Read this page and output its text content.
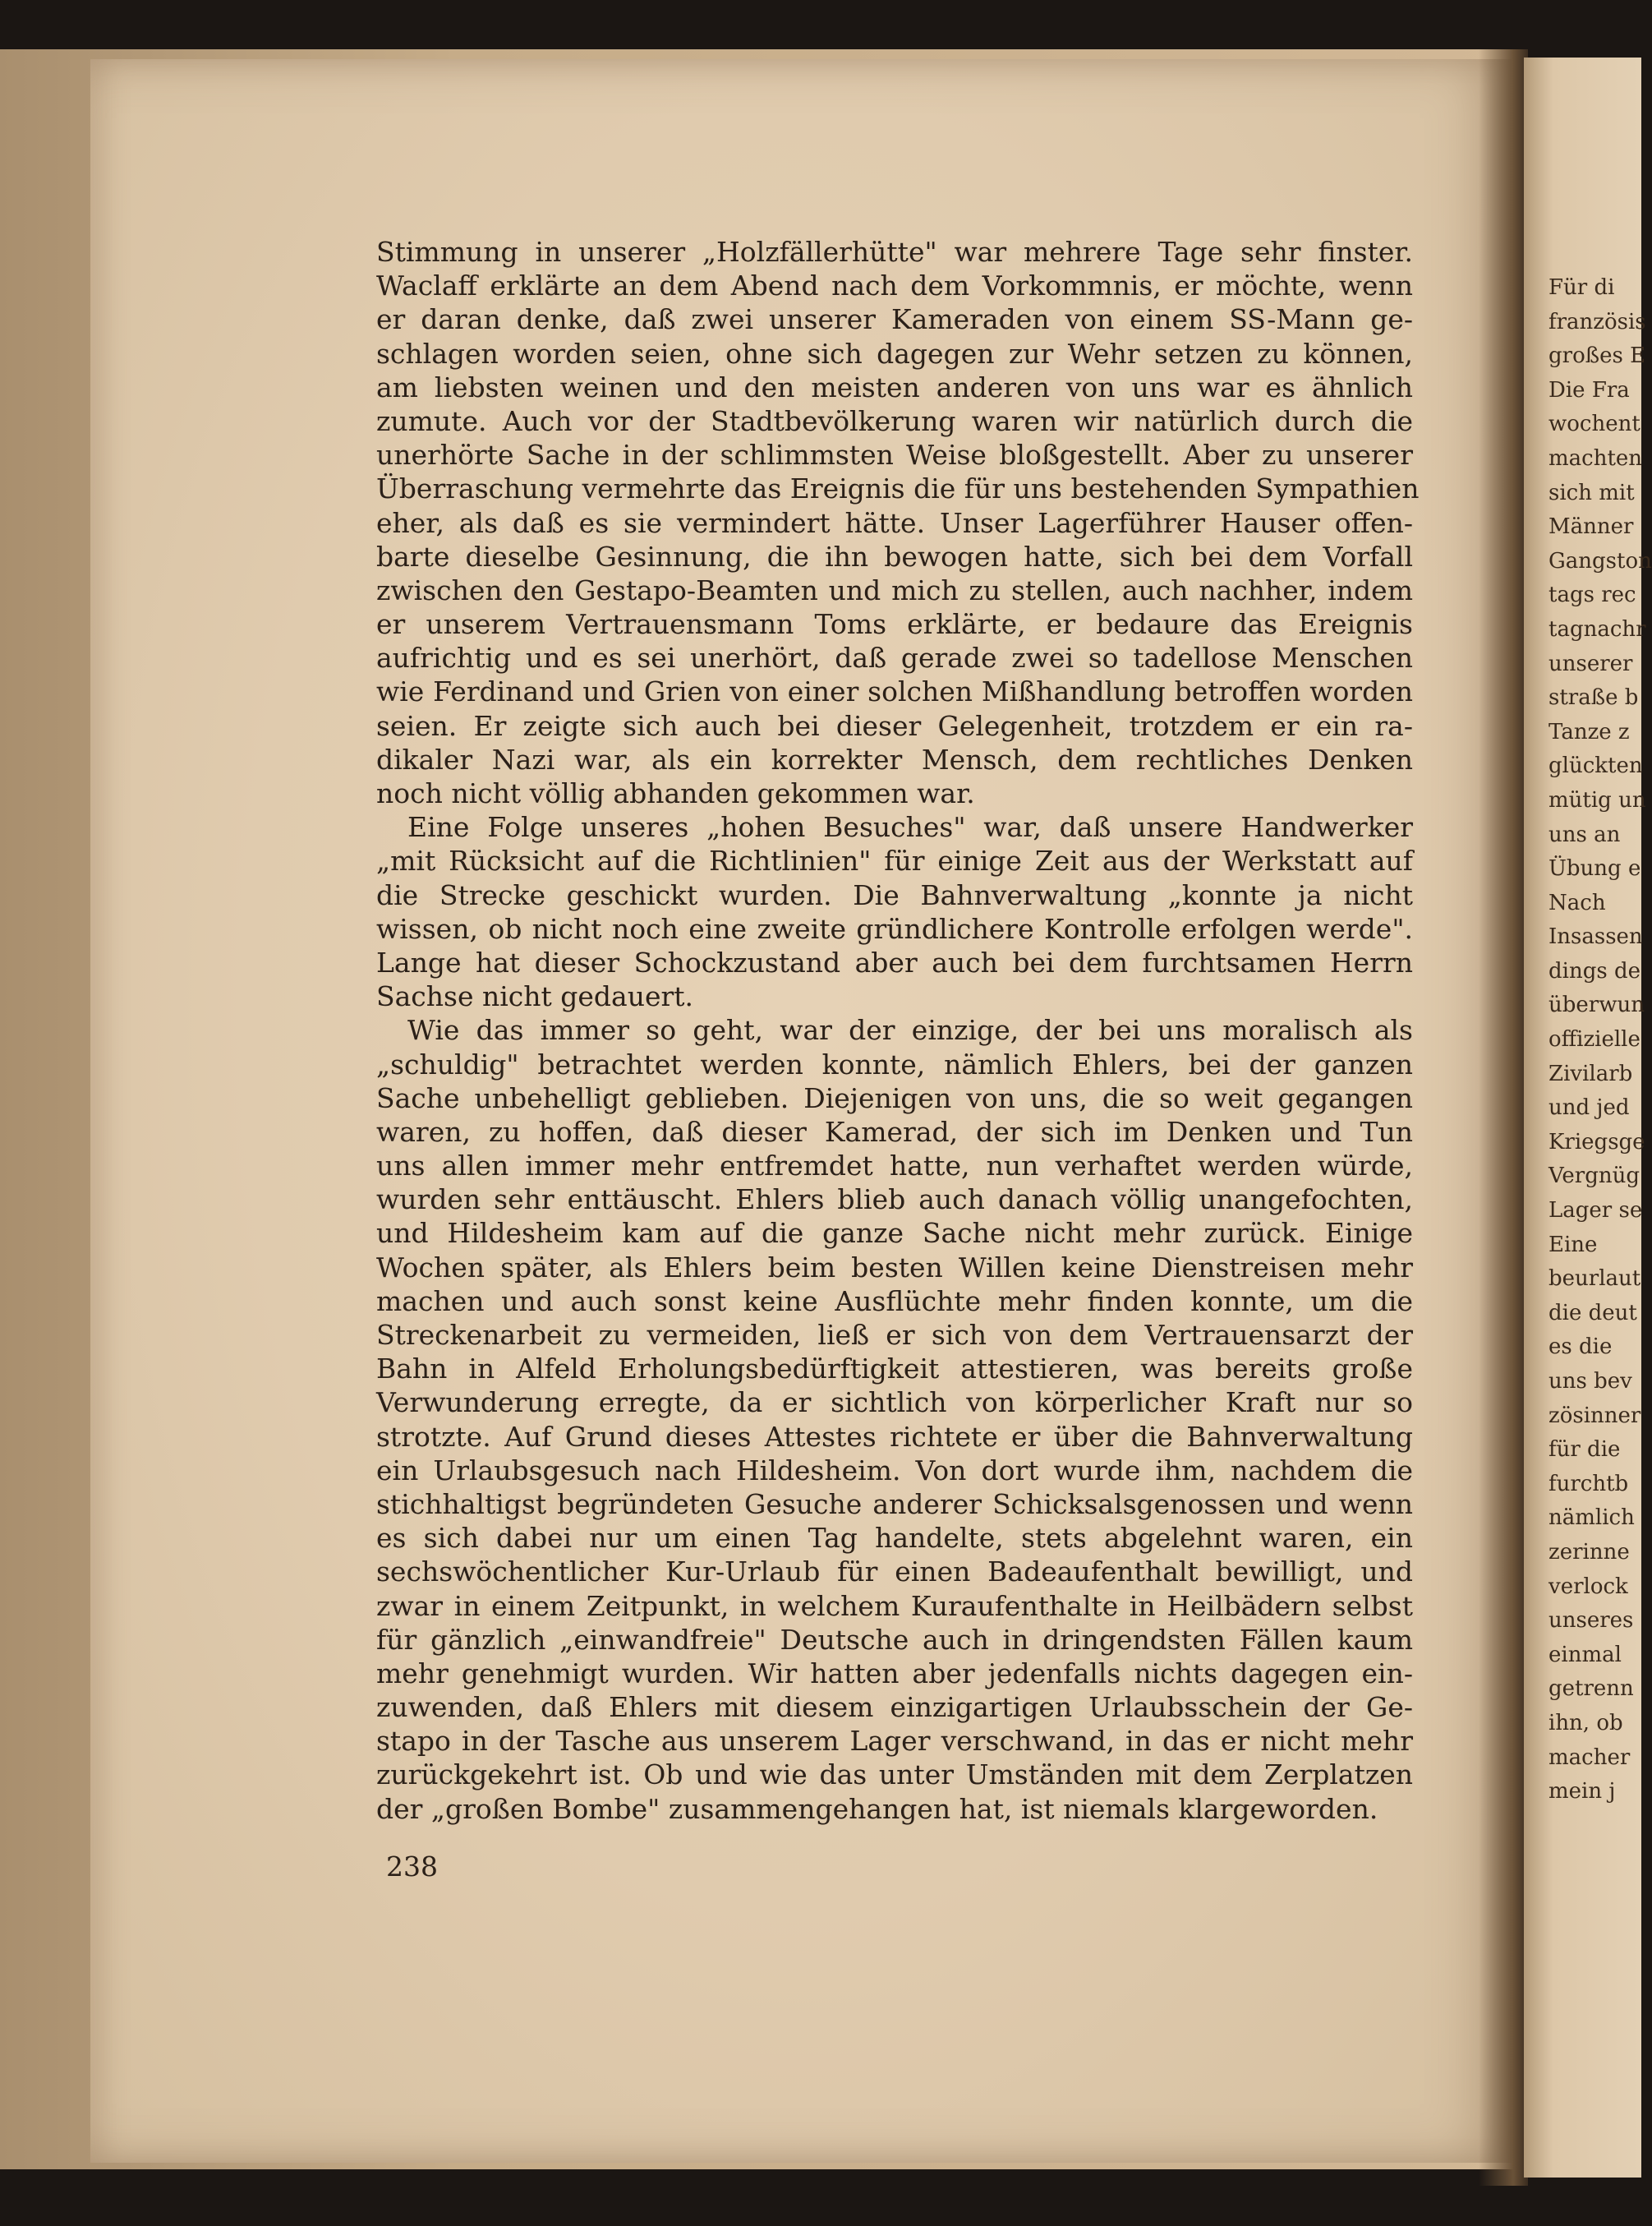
Für di
französis
großes E
Die Fra
wochent
machten
sich mit
Männer
Gangston
tags rec
tagnachr
unserer
straße b
Tanze z
glückten
mütig un
uns an
Übung e
Nach
Insassen
dings de
überwun
offizielle
Zivilarb
und jed
Kriegsge
Vergnüg
Lager se
Eine
beurlaut
die deut
es die
uns bev
zösinner
für die
furchtb
nämlich
zerinne
verlock
unseres
einmal
getrenn
ihn, ob
macher
mein j
Stimmung in unserer „Holzfällerhütte" war mehrere Tage sehr finster.
Waclaff erklärte an dem Abend nach dem Vorkommnis, er möchte, wenn
er daran denke, daß zwei unserer Kameraden von einem SS-Mann ge-
schlagen worden seien, ohne sich dagegen zur Wehr setzen zu können,
am liebsten weinen und den meisten anderen von uns war es ähnlich
zumute. Auch vor der Stadtbevölkerung waren wir natürlich durch die
unerhörte Sache in der schlimmsten Weise bloßgestellt. Aber zu unserer
Überraschung vermehrte das Ereignis die für uns bestehenden Sympathien
eher, als daß es sie vermindert hätte. Unser Lagerführer Hauser offen-
barte dieselbe Gesinnung, die ihn bewogen hatte, sich bei dem Vorfall
zwischen den Gestapo-Beamten und mich zu stellen, auch nachher, indem
er unserem Vertrauensmann Toms erklärte, er bedaure das Ereignis
aufrichtig und es sei unerhört, daß gerade zwei so tadellose Menschen
wie Ferdinand und Grien von einer solchen Mißhandlung betroffen worden
seien. Er zeigte sich auch bei dieser Gelegenheit, trotzdem er ein ra-
dikaler Nazi war, als ein korrekter Mensch, dem rechtliches Denken
noch nicht völlig abhanden gekommen war.
Eine Folge unseres „hohen Besuches" war, daß unsere Handwerker
„mit Rücksicht auf die Richtlinien" für einige Zeit aus der Werkstatt auf
die Strecke geschickt wurden. Die Bahnverwaltung „konnte ja nicht
wissen, ob nicht noch eine zweite gründlichere Kontrolle erfolgen werde".
Lange hat dieser Schockzustand aber auch bei dem furchtsamen Herrn
Sachse nicht gedauert.
Wie das immer so geht, war der einzige, der bei uns moralisch als
„schuldig" betrachtet werden konnte, nämlich Ehlers, bei der ganzen
Sache unbehelligt geblieben. Diejenigen von uns, die so weit gegangen
waren, zu hoffen, daß dieser Kamerad, der sich im Denken und Tun
uns allen immer mehr entfremdet hatte, nun verhaftet werden würde,
wurden sehr enttäuscht. Ehlers blieb auch danach völlig unangefochten,
und Hildesheim kam auf die ganze Sache nicht mehr zurück. Einige
Wochen später, als Ehlers beim besten Willen keine Dienstreisen mehr
machen und auch sonst keine Ausflüchte mehr finden konnte, um die
Streckenarbeit zu vermeiden, ließ er sich von dem Vertrauensarzt der
Bahn in Alfeld Erholungsbedürftigkeit attestieren, was bereits große
Verwunderung erregte, da er sichtlich von körperlicher Kraft nur so
strotzte. Auf Grund dieses Attestes richtete er über die Bahnverwaltung
ein Urlaubsgesuch nach Hildesheim. Von dort wurde ihm, nachdem die
stichhaltigst begründeten Gesuche anderer Schicksalsgenossen und wenn
es sich dabei nur um einen Tag handelte, stets abgelehnt waren, ein
sechswöchentlicher Kur-Urlaub für einen Badeaufenthalt bewilligt, und
zwar in einem Zeitpunkt, in welchem Kuraufenthalte in Heilbädern selbst
für gänzlich „einwandfreie" Deutsche auch in dringendsten Fällen kaum
mehr genehmigt wurden. Wir hatten aber jedenfalls nichts dagegen ein-
zuwenden, daß Ehlers mit diesem einzigartigen Urlaubsschein der Ge-
stapo in der Tasche aus unserem Lager verschwand, in das er nicht mehr
zurückgekehrt ist. Ob und wie das unter Umständen mit dem Zerplatzen
der „großen Bombe" zusammengehangen hat, ist niemals klargeworden.
238
